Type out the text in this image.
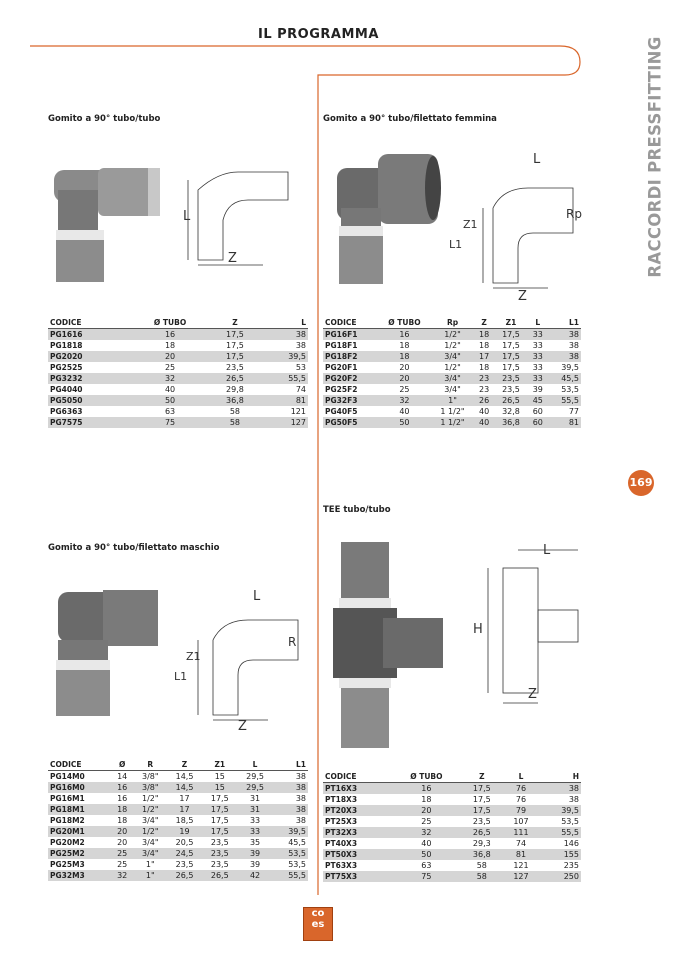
IL PROGRAMMA
RACCORDI PRESSFITTING
169
Gomito a 90° tubo/tubo
L
Z
CODICE	Ø TUBO	Z	L
PG1616	16	17,5	38
PG1818	18	17,5	38
PG2020	20	17,5	39,5
PG2525	25	23,5	53
PG3232	32	26,5	55,5
PG4040	40	29,8	74
PG5050	50	36,8	81
PG6363	63	58	121
PG7575	75	58	127
Gomito a 90° tubo/filettato femmina
L
Rp
Z1
L1
Z
CODICE	Ø TUBO	Rp	Z	Z1	L	L1
PG16F1	16	1/2"	18	17,5	33	38
PG18F1	18	1/2"	18	17,5	33	38
PG18F2	18	3/4"	17	17,5	33	38
PG20F1	20	1/2"	18	17,5	33	39,5
PG20F2	20	3/4"	23	23,5	33	45,5
PG25F2	25	3/4"	23	23,5	39	53,5
PG32F3	32	1"	26	26,5	45	55,5
PG40F5	40	1 1/2"	40	32,8	60	77
PG50F5	50	1 1/2"	40	36,8	60	81
Gomito a 90° tubo/filettato maschio
L
R
Z1
L1
Z
CODICE	Ø	R	Z	Z1	L	L1
PG14M0	14	3/8"	14,5	15	29,5	38
PG16M0	16	3/8"	14,5	15	29,5	38
PG16M1	16	1/2"	17	17,5	31	38
PG18M1	18	1/2"	17	17,5	31	38
PG18M2	18	3/4"	18,5	17,5	33	38
PG20M1	20	1/2"	19	17,5	33	39,5
PG20M2	20	3/4"	20,5	23,5	35	45,5
PG25M2	25	3/4"	24,5	23,5	39	53,5
PG25M3	25	1"	23,5	23,5	39	53,5
PG32M3	32	1"	26,5	26,5	42	55,5
TEE tubo/tubo
L
H
Z
CODICE	Ø TUBO	Z	L	H
PT16X3	16	17,5	76	38
PT18X3	18	17,5	76	38
PT20X3	20	17,5	79	39,5
PT25X3	25	23,5	107	53,5
PT32X3	32	26,5	111	55,5
PT40X3	40	29,3	74	146
PT50X3	50	36,8	81	155
PT63X3	63	58	121	235
PT75X3	75	58	127	250
co
es
